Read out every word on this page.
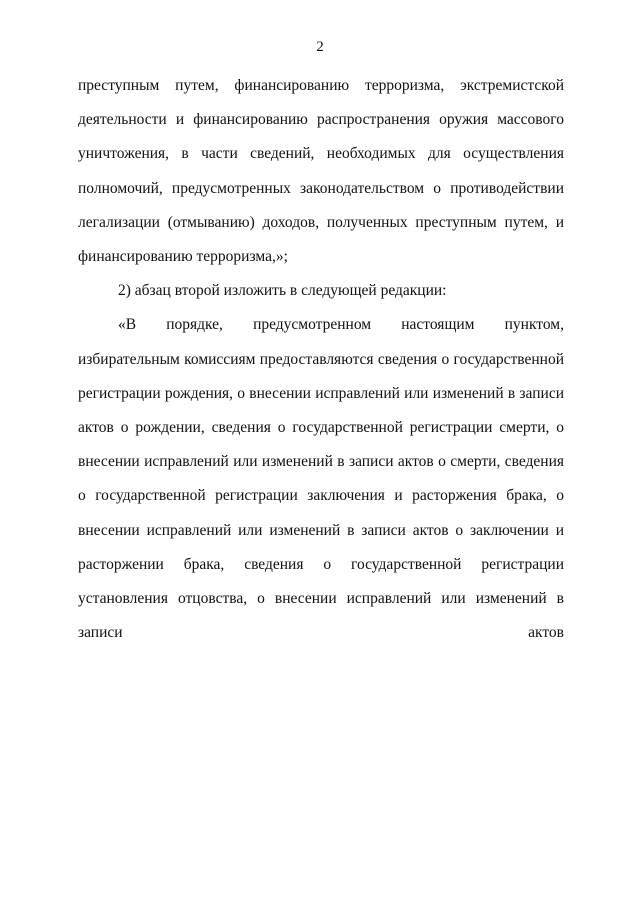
2

преступным путем, финансированию терроризма, экстремистской деятельности и финансированию распространения оружия массового уничтожения, в части сведений, необходимых для осуществления полномочий, предусмотренных законодательством о противодействии легализации (отмыванию) доходов, полученных преступным путем, и финансированию терроризма,»;

2) абзац второй изложить в следующей редакции:

«В порядке, предусмотренном настоящим пунктом, избирательным комиссиям предоставляются сведения о государственной регистрации рождения, о внесении исправлений или изменений в записи актов о рождении, сведения о государственной регистрации смерти, о внесении исправлений или изменений в записи актов о смерти, сведения о государственной регистрации заключения и расторжения брака, о внесении исправлений или изменений в записи актов о заключении и расторжении брака, сведения о государственной регистрации установления отцовства, о внесении исправлений или изменений в записи актов
